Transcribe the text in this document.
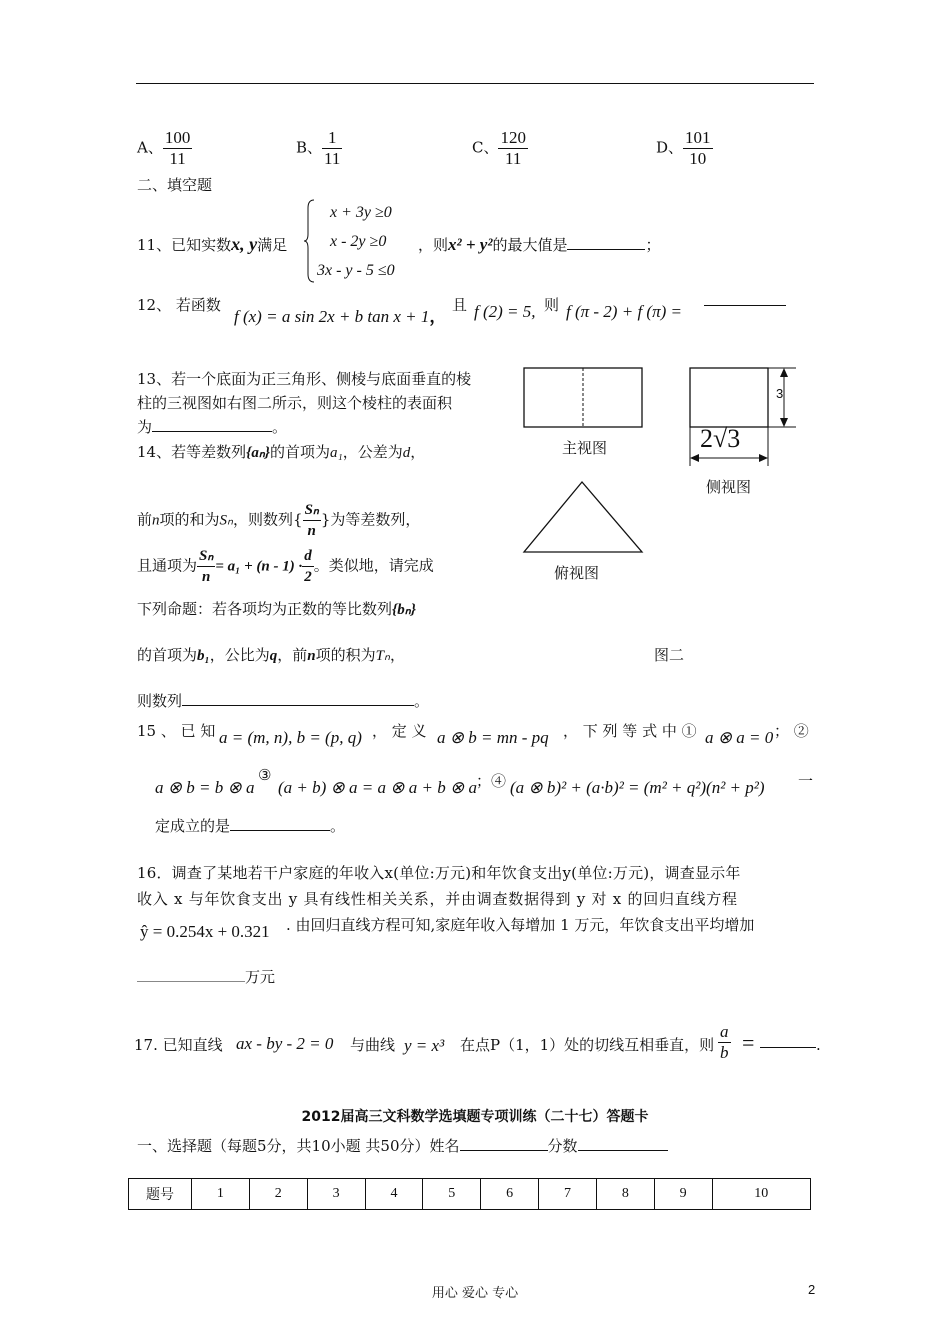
A、 $\frac{100}{11}$	B、 $\frac{1}{11}$	C、 $\frac{120}{11}$	D、 $\frac{101}{10}$
二、填空题
11、已知实数x, y满足
x + 3y ≥0
x - 2y ≥0
3x - y - 5 ≤0
，则x² + y²的最大值是	；
12、 若函数
f (x) = a sin 2x + b tan x + 1，
且 f (2) = 5, 则 f (π - 2) + f (π) =
13、若一个底面为正三角形、侧棱与底面垂直的棱
柱的三视图如右图二所示，则这个棱柱的表面积
为	。
14、若等差数列{aₙ}的首项为a₁，公差为d，
前n项的和为Sₙ，则数列{ $\frac{\text{Sₙ}}{n}$ }为等差数列，
且通项为 $\frac{\text{Sₙ}}{n} = a_1 + (n - 1) \cdot \frac{d}{2}$ 。类似地，请完成
下列命题：若各项均为正数的等比数列{bₙ}
的首项为b₁，公比为q，前n项的积为Tₙ，
则数列	。
3
2√3
主视图
侧视图
俯视图
图二
15 、 已 知 a = (m, n), b = (p, q) ， 定 义 a ⊗ b = mn - pq ， 下 列 等 式 中 ① a ⊗ a = 0 ； ②
a ⊗ b = b ⊗ a
③
(a + b) ⊗ a = a ⊗ a + b ⊗ a ；④ (a ⊗ b)² + (a·b)² = (m² + q²)(n² + p²) 一
定成立的是	。
16．调查了某地若干户家庭的年收入x(单位:万元)和年饮食支出y(单位:万元)，调查显示年
收入 x 与年饮食支出 y 具有线性相关关系，并由调查数据得到 y 对 x 的回归直线方程
ŷ = 0.254x + 0.321 . 由回归直线方程可知,家庭年收入每增加 1 万元，年饮食支出平均增加
万元
17. 已知直线 ax - by - 2 = 0 与曲线 y = x³ 在点P（1，1）处的切线互相垂直，则 $\frac{a}{b}$ =	.
2012届高三文科数学选填题专项训练（二十七）答题卡
一、选择题（每题5分，共10小题 共50分）姓名	分数
题号	1	2	3	4	5	6	7	8	9	10
用心 爱心 专心	2
